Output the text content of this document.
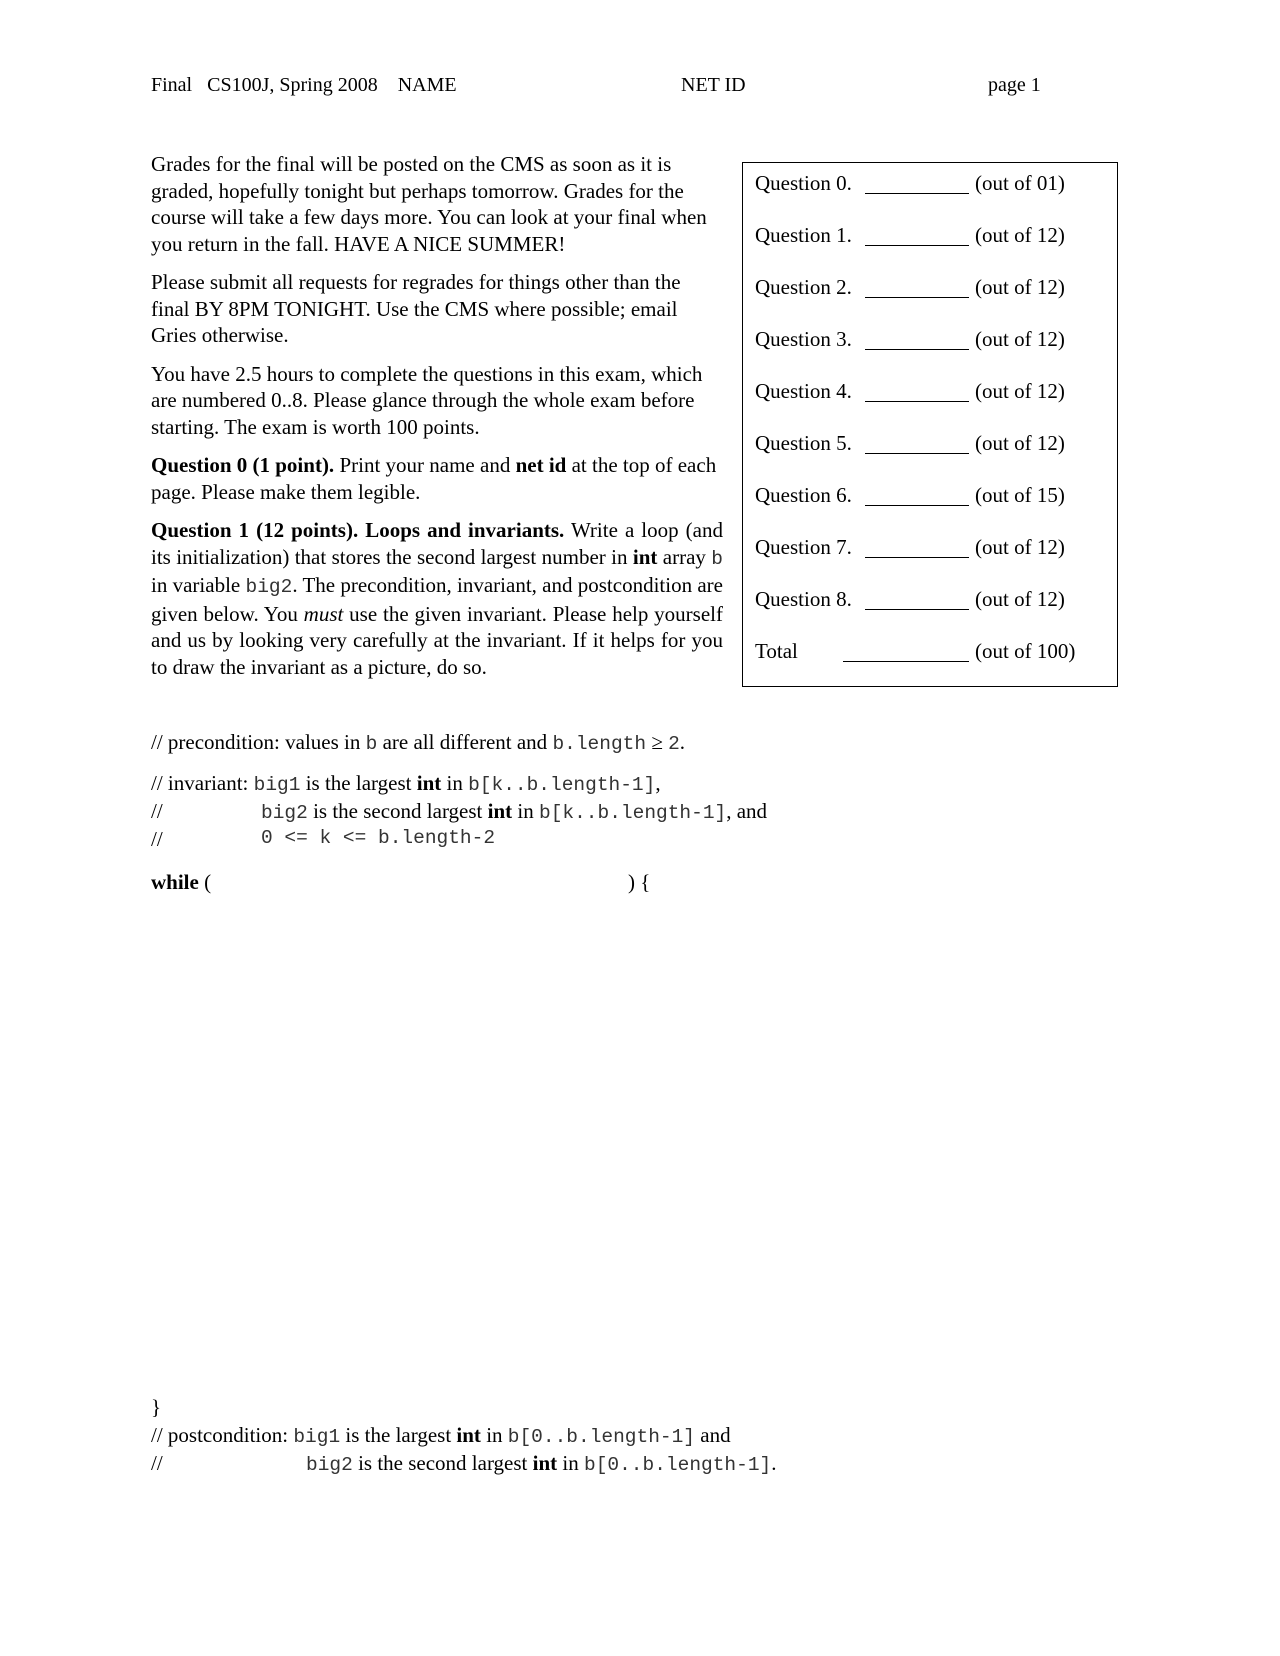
Final   CS100J, Spring 2008    NAME	NET ID	page 1

Grades for the final will be posted on the CMS as soon as it is graded, hopefully tonight but perhaps tomorrow. Grades for the course will take a few days more. You can look at your final when you return in the fall. HAVE A NICE SUMMER!

Please submit all requests for regrades for things other than the final BY 8PM TONIGHT. Use the CMS where possible; email Gries otherwise.

You have 2.5 hours to complete the questions in this exam, which are numbered 0..8. Please glance through the whole exam before starting. The exam is worth 100 points.

Question 0 (1 point). Print your name and net id at the top of each page. Please make them legible.

Question 1 (12 points). Loops and invariants. Write a loop (and its initialization) that stores the second largest number in int array b in variable big2. The precondition, invariant, and postcondition are given below. You must use the given invariant. Please help yourself and us by looking very carefully at the invariant. If it helps for you to draw the invariant as a picture, do so.

Question 0.	(out of 01)
Question 1.	(out of 12)
Question 2.	(out of 12)
Question 3.	(out of 12)
Question 4.	(out of 12)
Question 5.	(out of 12)
Question 6.	(out of 15)
Question 7.	(out of 12)
Question 8.	(out of 12)
Total	(out of 100)
// precondition: values in b are all different and b.length ≥ 2.
// invariant: big1 is the largest int in b[k..b.length-1],
//	big2 is the second largest int in b[k..b.length-1], and
//	0 <= k <= b.length-2
while (	) {
}
// postcondition: big1 is the largest int in b[0..b.length-1] and
//	big2 is the second largest int in b[0..b.length-1].
